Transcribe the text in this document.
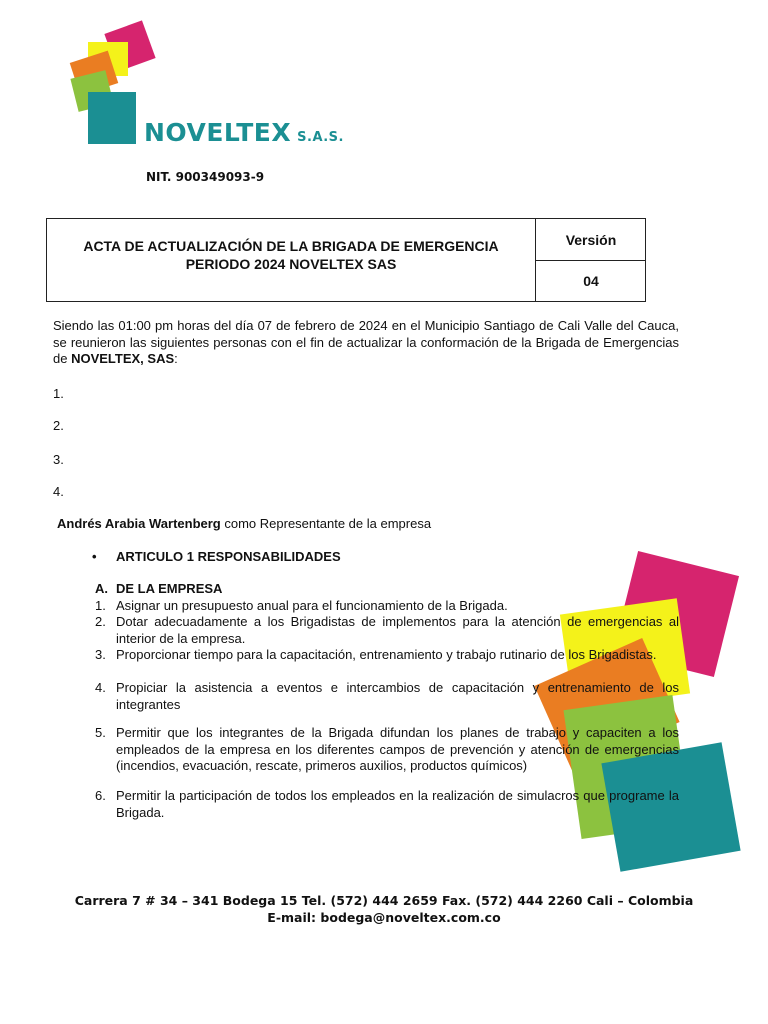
NOVELTEX S.A.S.
NIT. 900349093-9
ACTA DE ACTUALIZACIÓN DE LA BRIGADA DE EMERGENCIA
PERIODO 2024 NOVELTEX SAS
Versión
04
Siendo las 01:00 pm horas del día 07 de febrero de 2024 en el Municipio Santiago de Cali Valle del Cauca, se reunieron las siguientes personas con el fin de actualizar la conformación de la Brigada de Emergencias de NOVELTEX, SAS:
1.
2.
3.
4.
Andrés Arabia Wartenberg como Representante de la empresa
• ARTICULO 1 RESPONSABILIDADES
A. DE LA EMPRESA
1. Asignar un presupuesto anual para el funcionamiento de la Brigada.
2. Dotar adecuadamente a los Brigadistas de implementos para la atención de emergencias al interior de la empresa.
3. Proporcionar tiempo para la capacitación, entrenamiento y trabajo rutinario de los Brigadistas.
4. Propiciar la asistencia a eventos e intercambios de capacitación y entrenamiento de los integrantes
5. Permitir que los integrantes de la Brigada difundan los planes de trabajo y capaciten a los empleados de la empresa en los diferentes campos de prevención y atención de emergencias (incendios, evacuación, rescate, primeros auxilios, productos químicos)
6. Permitir la participación de todos los empleados en la realización de simulacros que programe la Brigada.
Carrera 7 # 34 – 341 Bodega 15 Tel. (572) 444 2659 Fax. (572) 444 2260 Cali – Colombia
E-mail: bodega@noveltex.com.co
